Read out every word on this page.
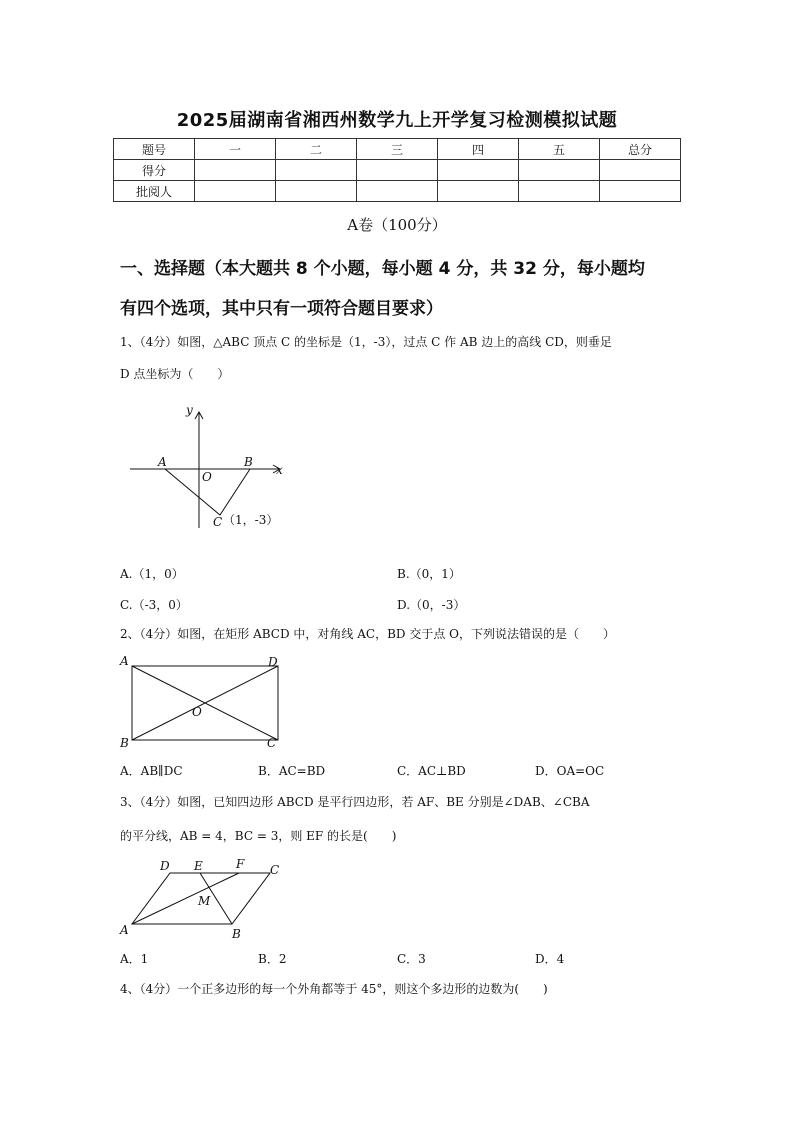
2025届湖南省湘西州数学九上开学复习检测模拟试题
题号	一	二	三	四	五	总分
得分						
批阅人						
A卷（100分）
一、选择题（本大题共 8 个小题，每小题 4 分，共 32 分，每小题均
有四个选项，其中只有一项符合题目要求）
1、（4分）如图，△ABC 顶点 C 的坐标是（1，-3），过点 C 作 AB 边上的高线 CD，则垂足
D 点坐标为（　　）
y
x
A	B
O
C （1，-3）
A.（1，0）	B.（0，1）
C.（-3，0）	D.（0，-3）
2、（4分）如图，在矩形 ABCD 中，对角线 AC，BD 交于点 O，下列说法错误的是（　　）
A	D
B	C
O
A．AB∥DC	B．AC=BD	C．AC⊥BD	D．OA=OC
3、（4分）如图，已知四边形 ABCD 是平行四边形，若 AF、BE 分别是∠DAB、∠CBA
的平分线，AB = 4，BC = 3，则 EF 的长是(　　)
D E	F C
A	B
M
A．1	B．2	C．3	D．4
4、（4分）一个正多边形的每一个外角都等于 45°，则这个多边形的边数为(　　)
